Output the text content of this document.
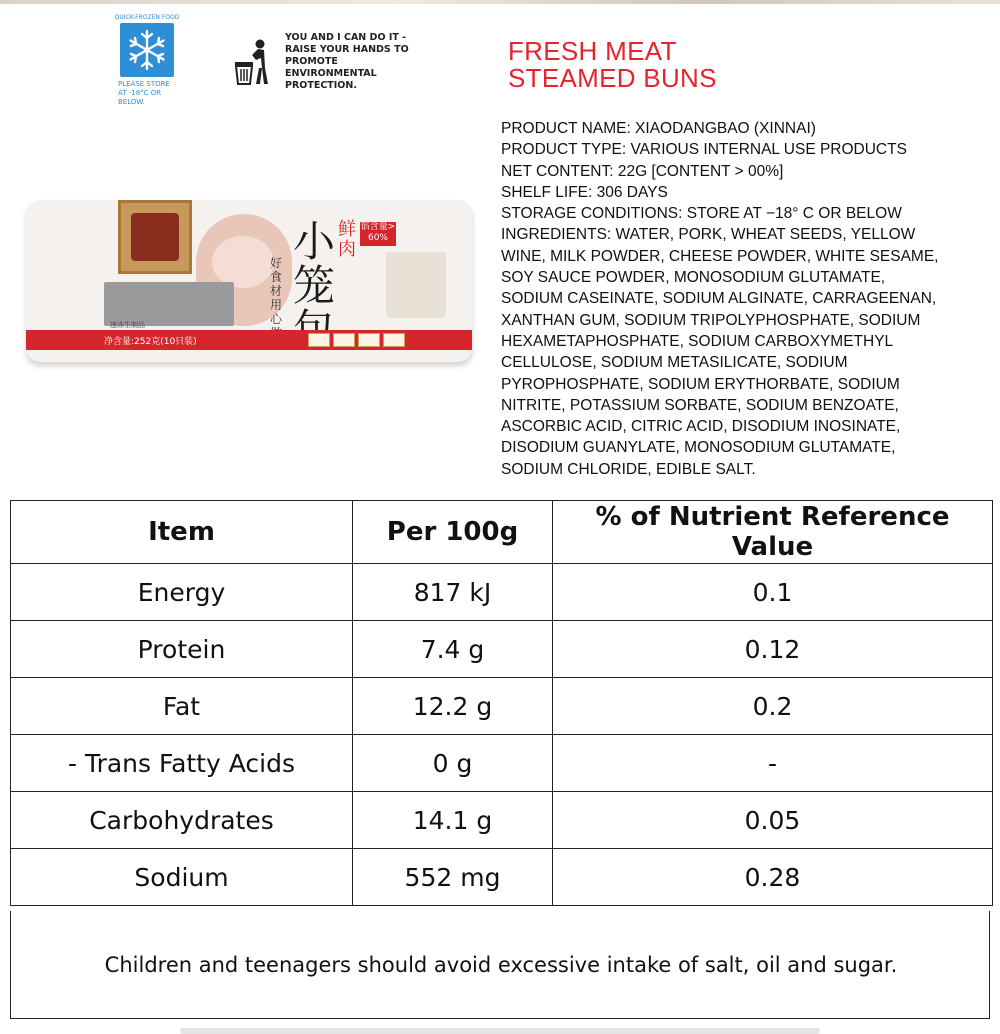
QUICK-FROZEN FOOD
PLEASE STORE
AT -18°C OR
BELOW.
YOU AND I CAN DO IT -
RAISE YOUR HANDS TO
PROMOTE
ENVIRONMENTAL
PROTECTION.
FRESH MEAT
STEAMED BUNS
PRODUCT NAME: XIAODANGBAO (XINNAI)
PRODUCT TYPE: VARIOUS INTERNAL USE PRODUCTS
NET CONTENT: 22G [CONTENT > 00%]
SHELF LIFE: 306 DAYS
STORAGE CONDITIONS: STORE AT −18° C OR BELOW
INGREDIENTS: WATER, PORK, WHEAT SEEDS, YELLOW
WINE, MILK POWDER, CHEESE POWDER, WHITE SESAME,
SOY SAUCE POWDER, MONOSODIUM GLUTAMATE,
SODIUM CASEINATE, SODIUM ALGINATE, CARRAGEENAN,
XANTHAN GUM, SODIUM TRIPOLYPHOSPHATE, SODIUM
HEXAMETAPHOSPHATE, SODIUM CARBOXYMETHYL
CELLULOSE, SODIUM METASILICATE, SODIUM
PYROPHOSPHATE, SODIUM ERYTHORBATE, SODIUM
NITRITE, POTASSIUM SORBATE, SODIUM BENZOATE,
ASCORBIC ACID, CITRIC ACID, DISODIUM INOSINATE,
DISODIUM GUANYLATE, MONOSODIUM GLUTAMATE,
SODIUM CHLORIDE, EDIBLE SALT.
好食材 用心
小笼
鲜肉
馅含量>
60%
速冻生制品
净含量:252克(10只装)
Item	Per 100g	% of Nutrient Reference Value
Energy	817 kJ	0.1
Protein	7.4 g	0.12
Fat	12.2 g	0.2
- Trans Fatty Acids	0 g	-
Carbohydrates	14.1 g	0.05
Sodium	552 mg	0.28
Children and teenagers should avoid excessive intake of salt, oil and sugar.
